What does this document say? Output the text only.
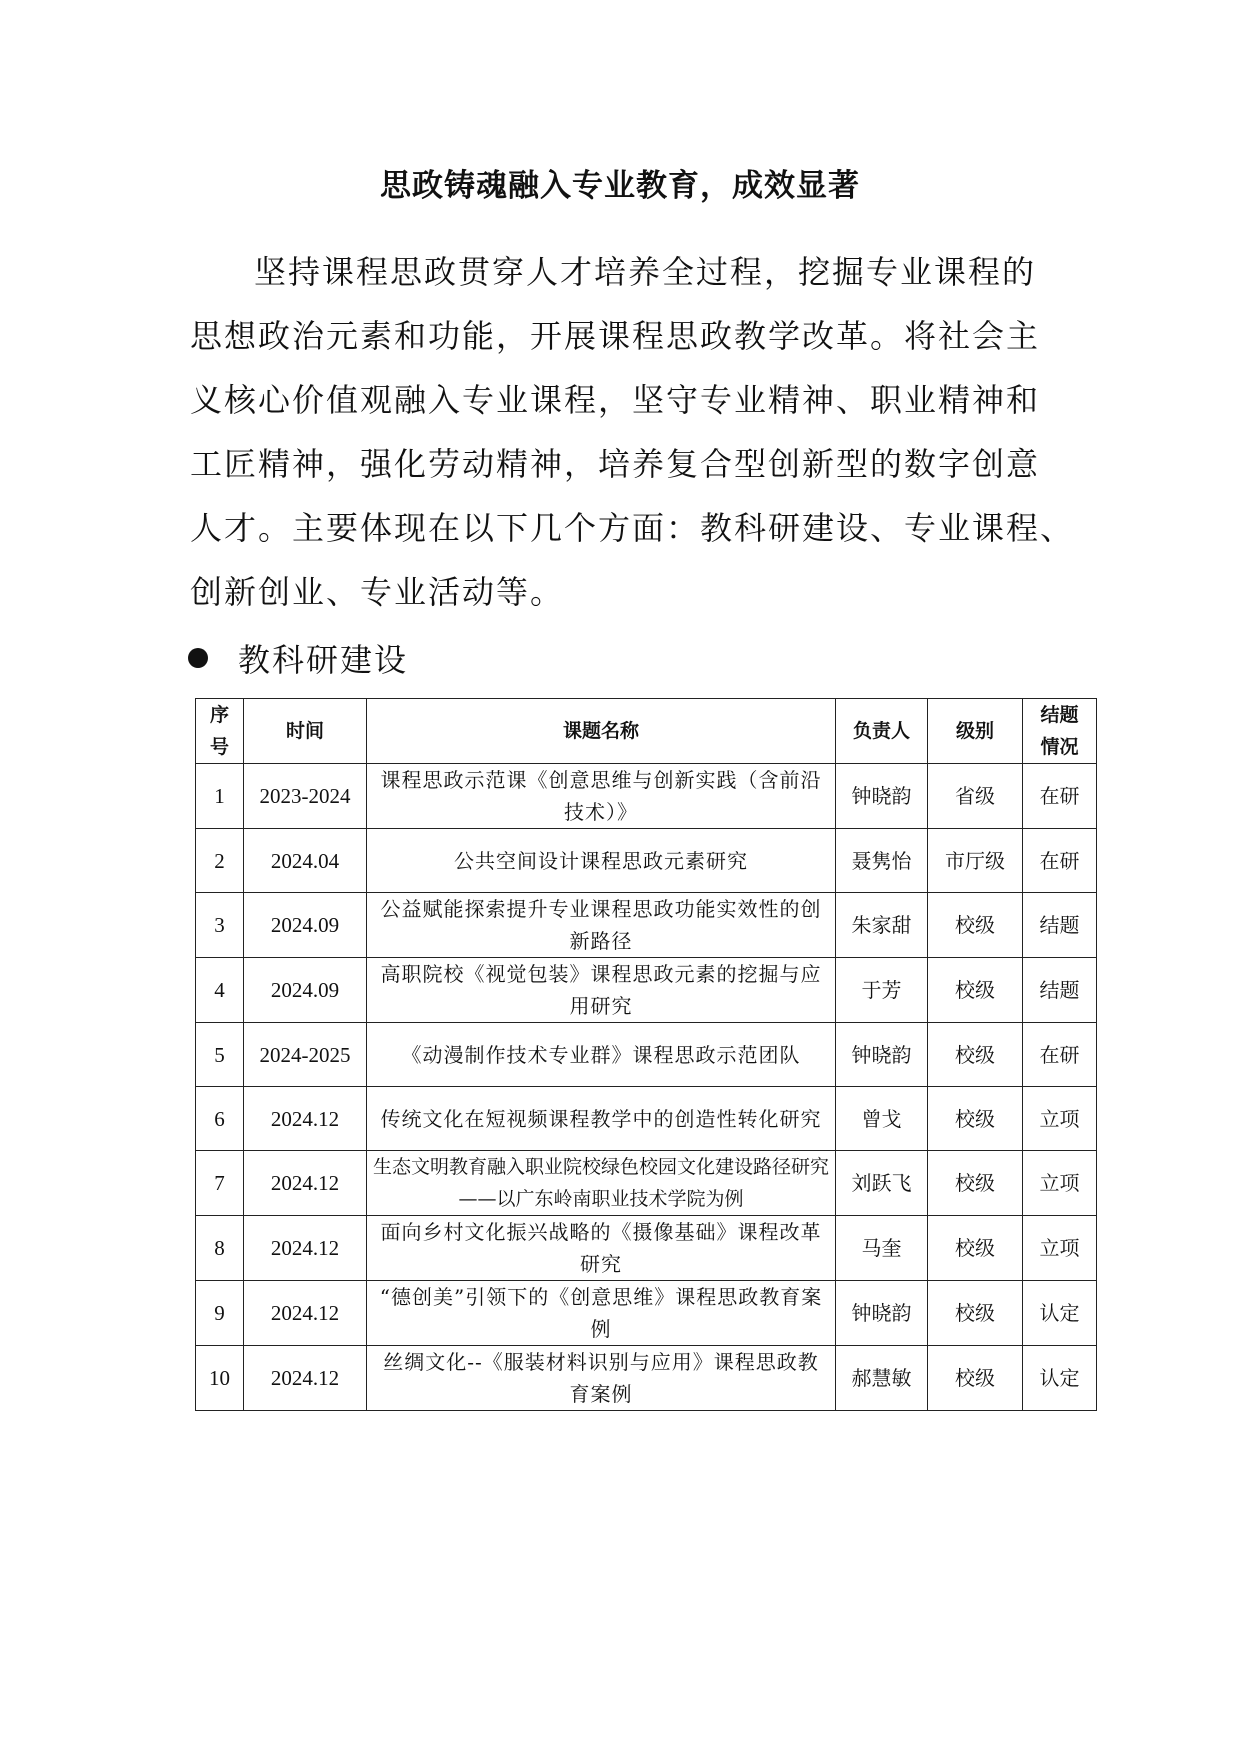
思政铸魂融入专业教育，成效显著
坚持课程思政贯穿人才培养全过程，挖掘专业课程的
思想政治元素和功能，开展课程思政教学改革。将社会主
义核心价值观融入专业课程，坚守专业精神、职业精神和
工匠精神，强化劳动精神，培养复合型创新型的数字创意
人才。主要体现在以下几个方面：教科研建设、专业课程、
创新创业、专业活动等。
教科研建设
序号	时间	课题名称	负责人	级别	结题情况
1	2023-2024	课程思政示范课《创意思维与创新实践（含前沿技术）》	钟晓韵	省级	在研
2	2024.04	公共空间设计课程思政元素研究	聂隽怡	市厅级	在研
3	2024.09	公益赋能探索提升专业课程思政功能实效性的创新路径	朱家甜	校级	结题
4	2024.09	高职院校《视觉包装》课程思政元素的挖掘与应用研究	于芳	校级	结题
5	2024-2025	《动漫制作技术专业群》课程思政示范团队	钟晓韵	校级	在研
6	2024.12	传统文化在短视频课程教学中的创造性转化研究	曾戈	校级	立项
7	2024.12	生态文明教育融入职业院校绿色校园文化建设路径研究——以广东岭南职业技术学院为例	刘跃飞	校级	立项
8	2024.12	面向乡村文化振兴战略的《摄像基础》课程改革研究	马奎	校级	立项
9	2024.12	“德创美”引领下的《创意思维》课程思政教育案例	钟晓韵	校级	认定
10	2024.12	丝绸文化--《服装材料识别与应用》课程思政教育案例	郝慧敏	校级	认定
